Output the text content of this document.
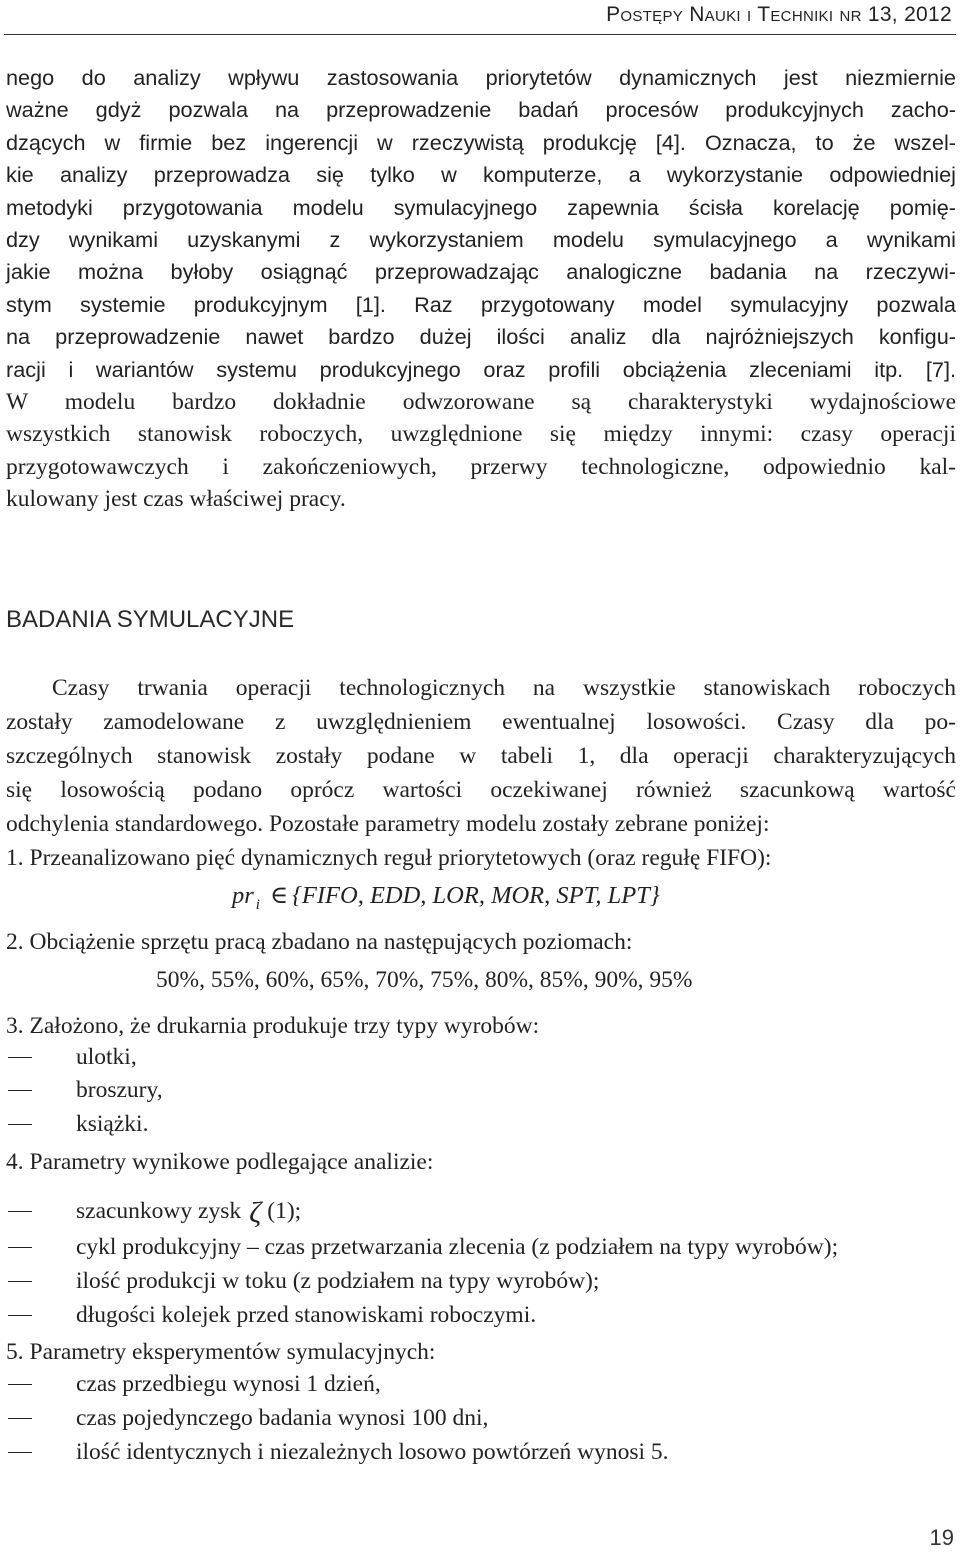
Postępy Nauki i Techniki nr 13, 2012
nego do analizy wpływu zastosowania priorytetów dynamicznych jest niezmiernie
ważne gdyż pozwala na przeprowadzenie badań procesów produkcyjnych zacho-
dzących w firmie bez ingerencji w rzeczywistą produkcję [4]. Oznacza, to że wszel-
kie analizy przeprowadza się tylko w komputerze, a wykorzystanie odpowiedniej
metodyki przygotowania modelu symulacyjnego zapewnia ścisła korelację pomię-
dzy wynikami uzyskanymi z wykorzystaniem modelu symulacyjnego a wynikami
jakie można byłoby osiągnąć przeprowadzając analogiczne badania na rzeczywi-
stym systemie produkcyjnym [1]. Raz przygotowany model symulacyjny pozwala
na przeprowadzenie nawet bardzo dużej ilości analiz dla najróżniejszych konfigu-
racji i wariantów systemu produkcyjnego oraz profili obciążenia zleceniami itp. [7].
W modelu bardzo dokładnie odwzorowane są charakterystyki wydajnościowe
wszystkich stanowisk roboczych, uwzględnione się między innymi: czasy operacji
przygotowawczych i zakończeniowych, przerwy technologiczne, odpowiednio kal-
kulowany jest czas właściwej pracy.
BADANIA SYMULACYJNE
Czasy trwania operacji technologicznych na wszystkie stanowiskach roboczych
zostały zamodelowane z uwzględnieniem ewentualnej losowości. Czasy dla po-
szczególnych stanowisk zostały podane w tabeli 1, dla operacji charakteryzujących
się losowością podano oprócz wartości oczekiwanej również szacunkową wartość
odchylenia standardowego. Pozostałe parametry modelu zostały zebrane poniżej:
1. Przeanalizowano pięć dynamicznych reguł priorytetowych (oraz regułę FIFO):
pr $_i$ ∈ {FIFO, EDD, LOR, MOR, SPT, LPT}
2. Obciążenie sprzętu pracą zbadano na następujących poziomach:
50%, 55%, 60%, 65%, 70%, 75%, 80%, 85%, 90%, 95%
3. Założono, że drukarnia produkuje trzy typy wyrobów:
ulotki,
broszury,
książki.
4. Parametry wynikowe podlegające analizie:
szacunkowy zysk ζ (1);
cykl produkcyjny – czas przetwarzania zlecenia (z podziałem na typy wyrobów);
ilość produkcji w toku (z podziałem na typy wyrobów);
długości kolejek przed stanowiskami roboczymi.
5. Parametry eksperymentów symulacyjnych:
czas przedbiegu wynosi 1 dzień,
czas pojedynczego badania wynosi 100 dni,
ilość identycznych i niezależnych losowo powtórzeń wynosi 5.
19
